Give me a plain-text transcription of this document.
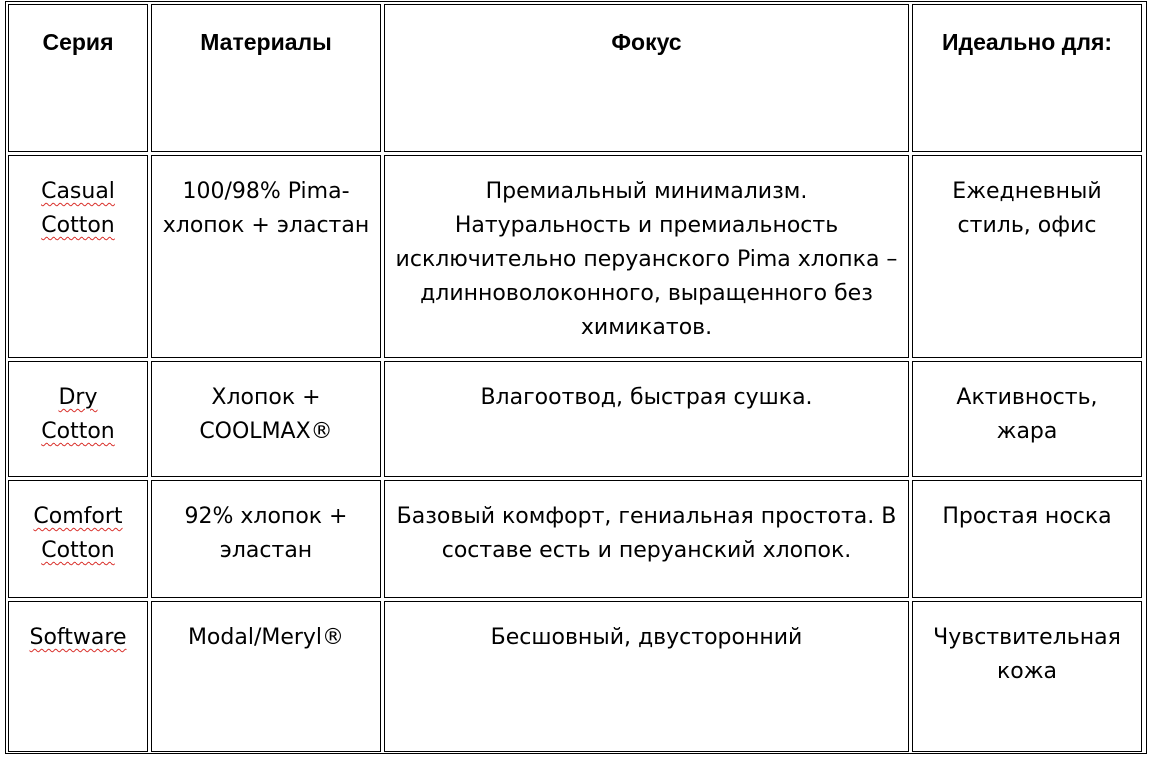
Серия	Материалы	Фокус	Идеально для:
Casual Cotton	100/98% Pima-хлопок + эластан	Премиальный минимализм. Натуральность и премиальность исключительно перуанского Pima хлопка – длинноволоконного, выращенного без химикатов.	Ежедневный стиль, офис
Dry Cotton	Хлопок + COOLMAX®	Влагоотвод, быстрая сушка.	Активность, жара
Comfort Cotton	92% хлопок + эластан	Базовый комфорт, гениальная простота. В составе есть и перуанский хлопок.	Простая носка
Software	Modal/Meryl®	Бесшовный, двусторонний	Чувствительная кожа
